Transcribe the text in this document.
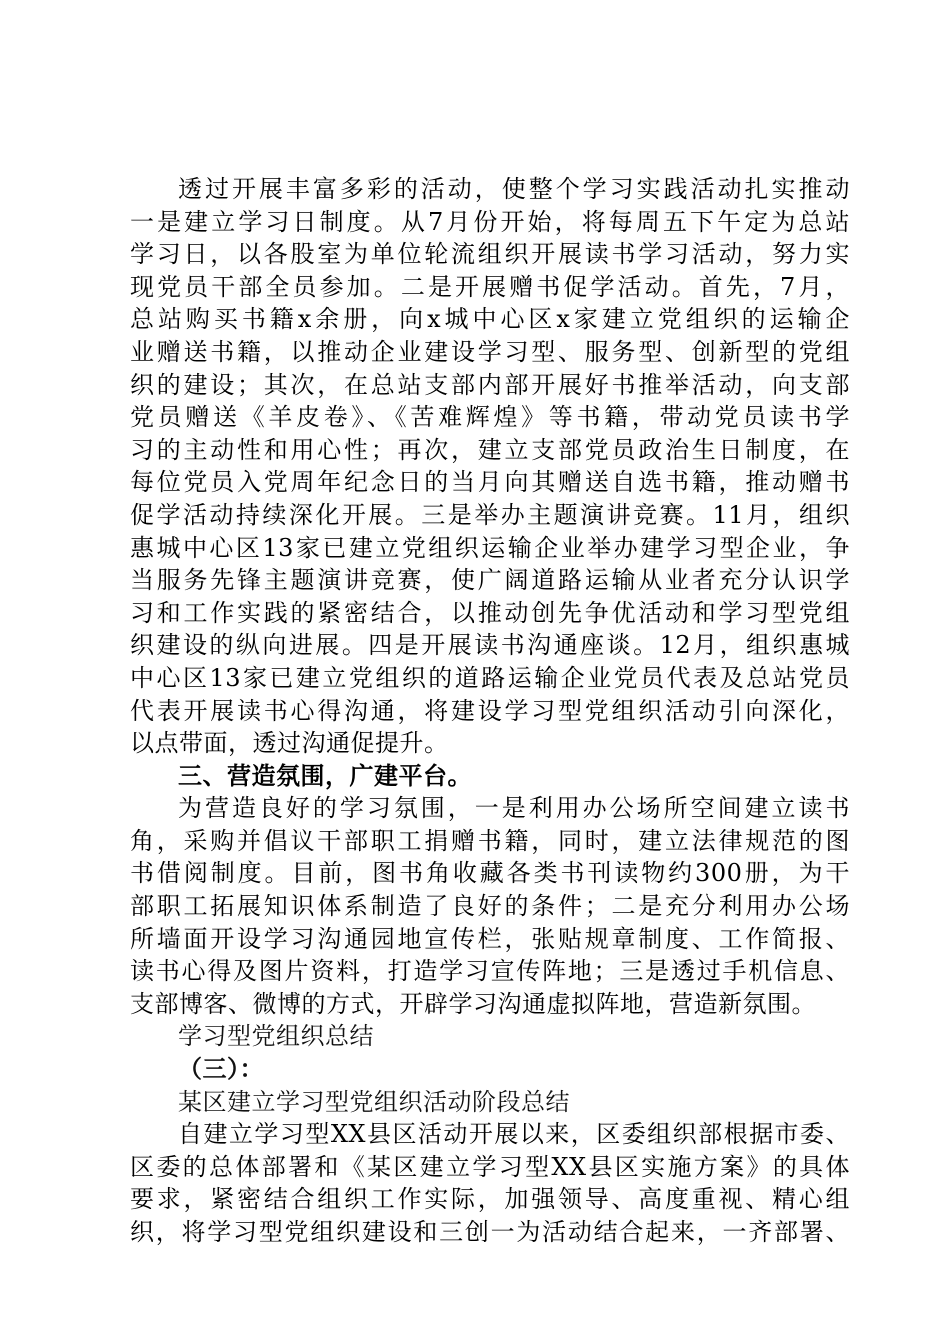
透过开展丰富多彩的活动，使整个学习实践活动扎实推动
一是建立学习日制度。从7月份开始，将每周五下午定为总站
学习日，以各股室为单位轮流组织开展读书学习活动，努力实
现党员干部全员参加。二是开展赠书促学活动。首先，7月，
总站购买书籍x余册，向x城中心区x家建立党组织的运输企
业赠送书籍，以推动企业建设学习型、服务型、创新型的党组
织的建设；其次，在总站支部内部开展好书推举活动，向支部
党员赠送《羊皮卷》、《苦难辉煌》等书籍，带动党员读书学
习的主动性和用心性；再次，建立支部党员政治生日制度，在
每位党员入党周年纪念日的当月向其赠送自选书籍，推动赠书
促学活动持续深化开展。三是举办主题演讲竞赛。11月，组织
惠城中心区13家已建立党组织运输企业举办建学习型企业，争
当服务先锋主题演讲竞赛，使广阔道路运输从业者充分认识学
习和工作实践的紧密结合，以推动创先争优活动和学习型党组
织建设的纵向进展。四是开展读书沟通座谈。12月，组织惠城
中心区13家已建立党组织的道路运输企业党员代表及总站党员
代表开展读书心得沟通，将建设学习型党组织活动引向深化，
以点带面，透过沟通促提升。
三、营造氛围，广建平台。
为营造良好的学习氛围，一是利用办公场所空间建立读书
角，采购并倡议干部职工捐赠书籍，同时，建立法律规范的图
书借阅制度。目前，图书角收藏各类书刊读物约300册，为干
部职工拓展知识体系制造了良好的条件；二是充分利用办公场
所墙面开设学习沟通园地宣传栏，张贴规章制度、工作简报、
读书心得及图片资料，打造学习宣传阵地；三是透过手机信息、
支部博客、微博的方式，开辟学习沟通虚拟阵地，营造新氛围。
学习型党组织总结
（三）：
某区建立学习型党组织活动阶段总结
自建立学习型XX县区活动开展以来，区委组织部根据市委、
区委的总体部署和《某区建立学习型XX县区实施方案》的具体
要求，紧密结合组织工作实际，加强领导、高度重视、精心组
织，将学习型党组织建设和三创一为活动结合起来，一齐部署、
